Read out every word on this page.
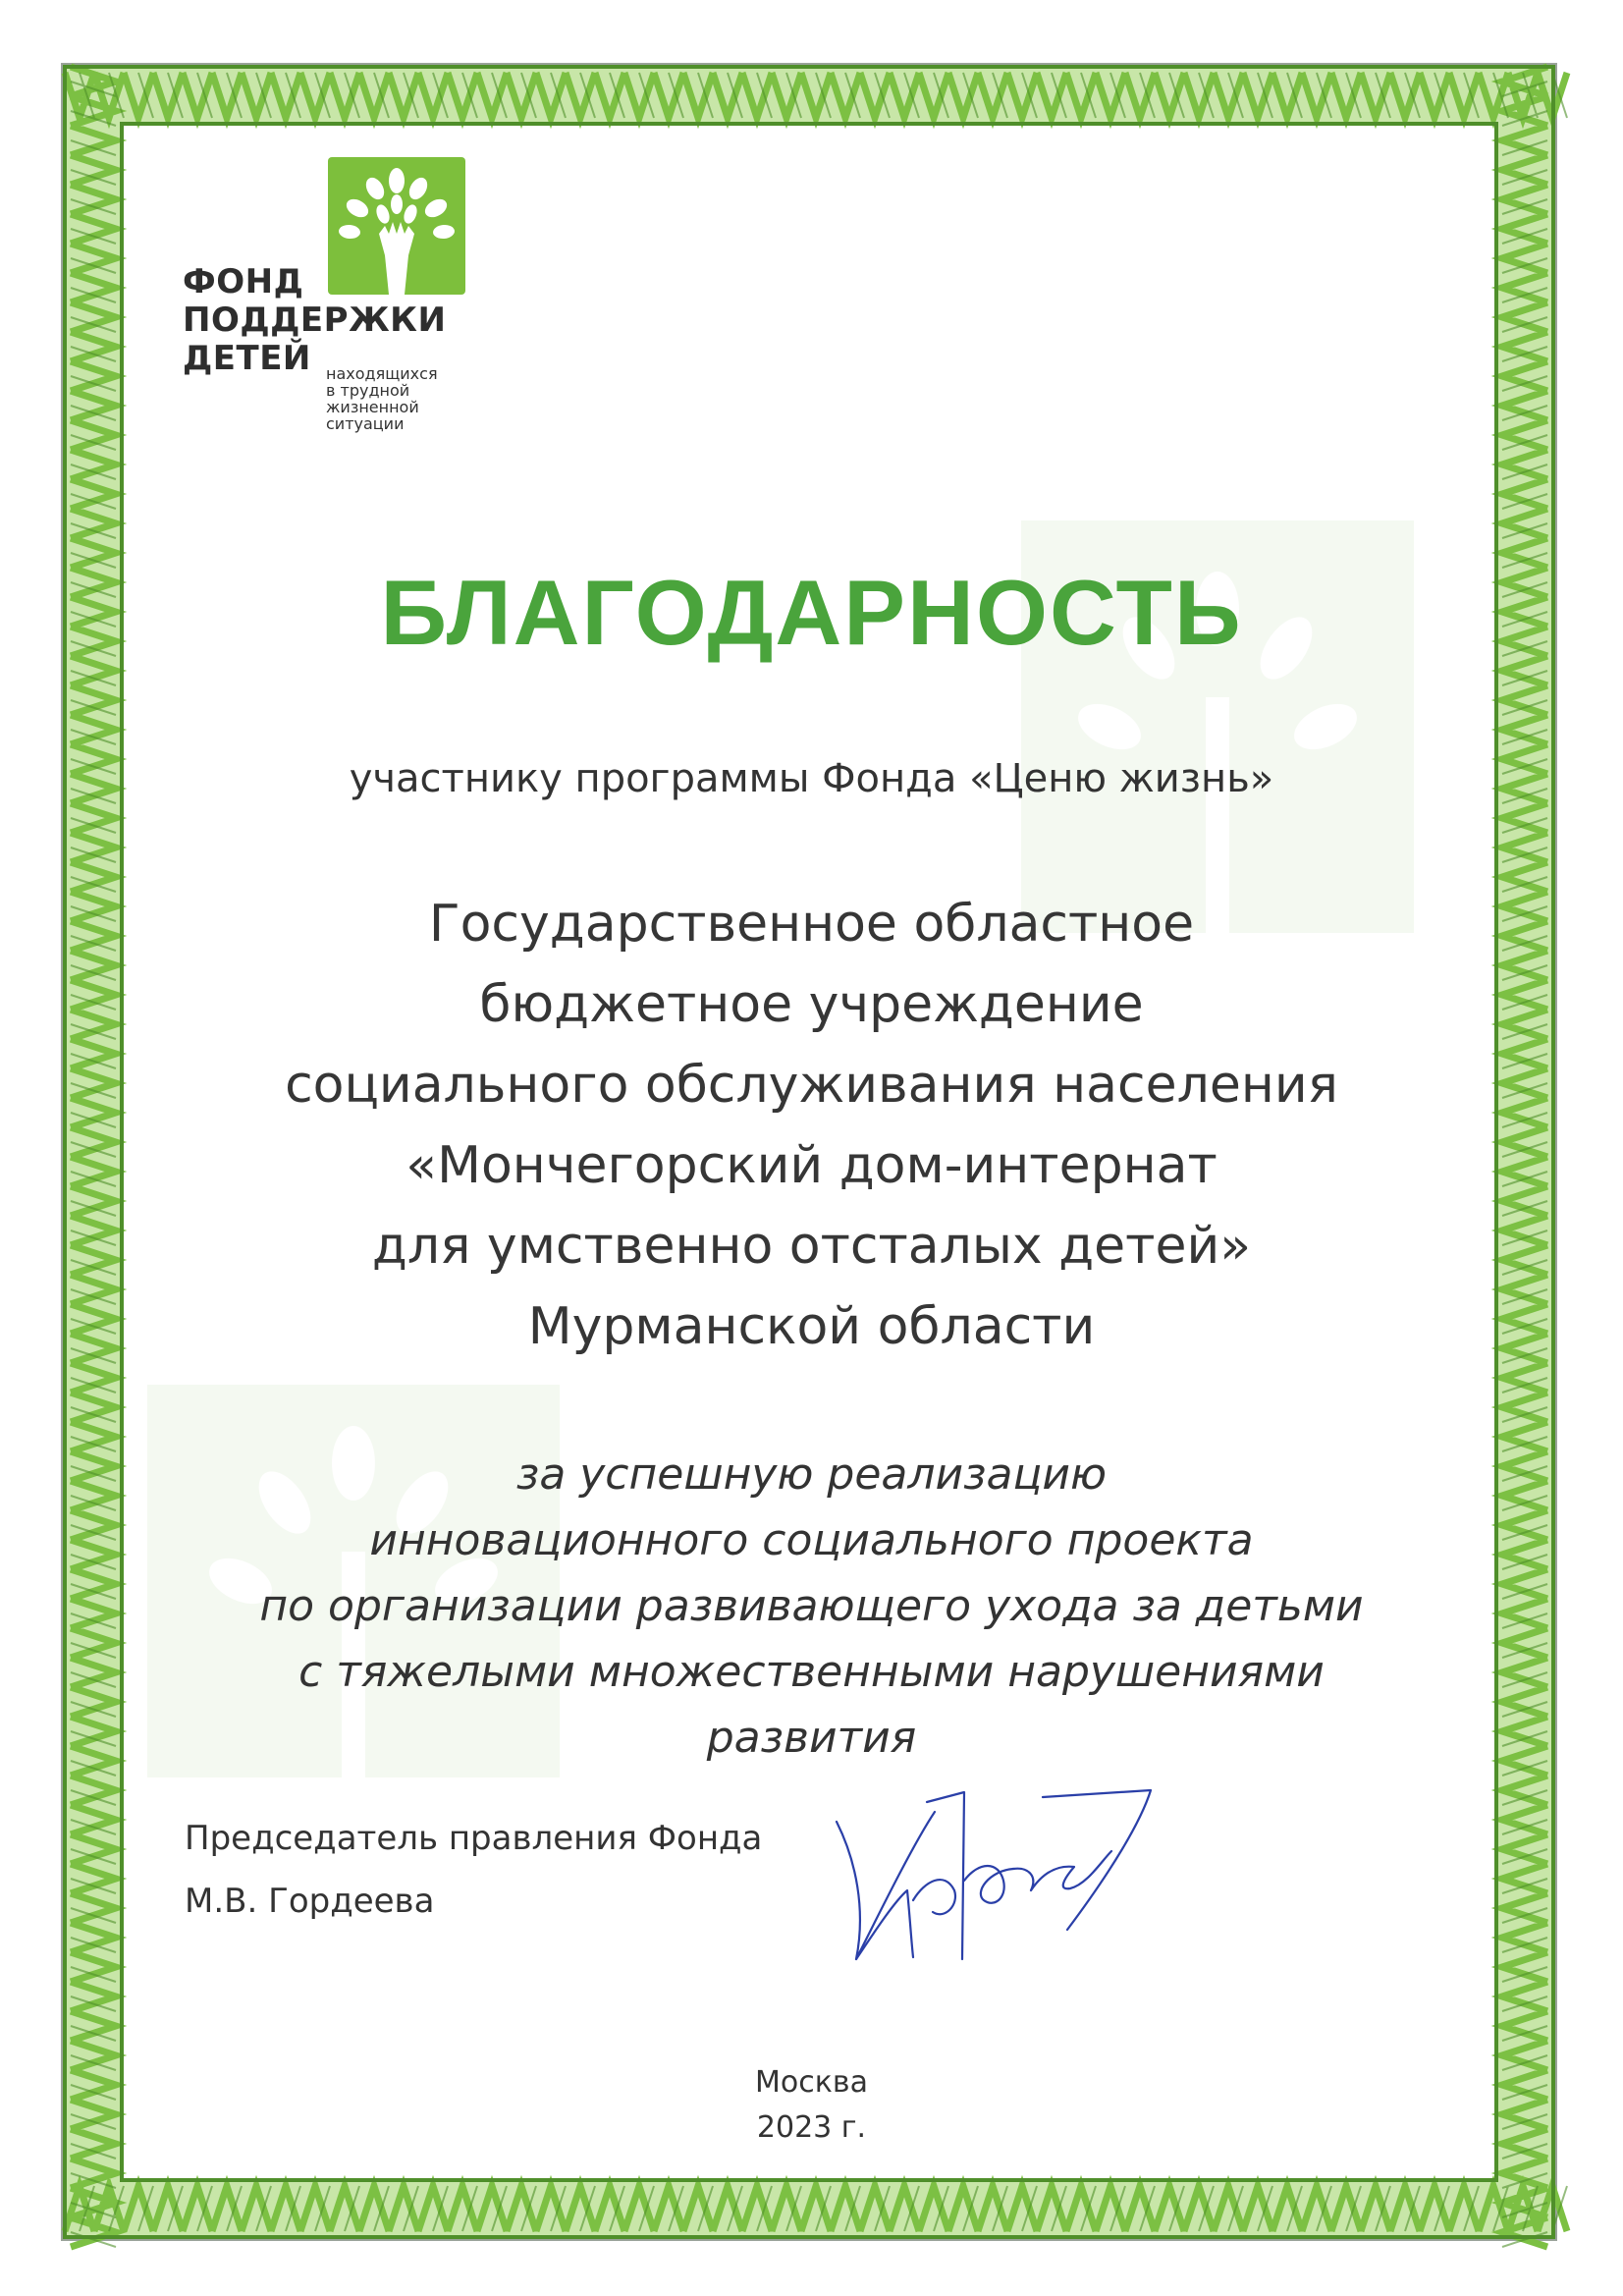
ФОНД
ПОДДЕРЖКИ
ДЕТЕЙ находящихся
в трудной
жизненной
ситуации
БЛАГОДАРНОСТЬ
участнику программы Фонда «Ценю жизнь»
Государственное областное
бюджетное учреждение
социального обслуживания населения
«Мончегорский дом-интернат
для умственно отсталых детей»
Мурманской области
за успешную реализацию
инновационного социального проекта
по организации развивающего ухода за детьми
с тяжелыми множественными нарушениями
развития
Председатель правления Фонда
М.В. Гордеева
Москва
2023 г.
